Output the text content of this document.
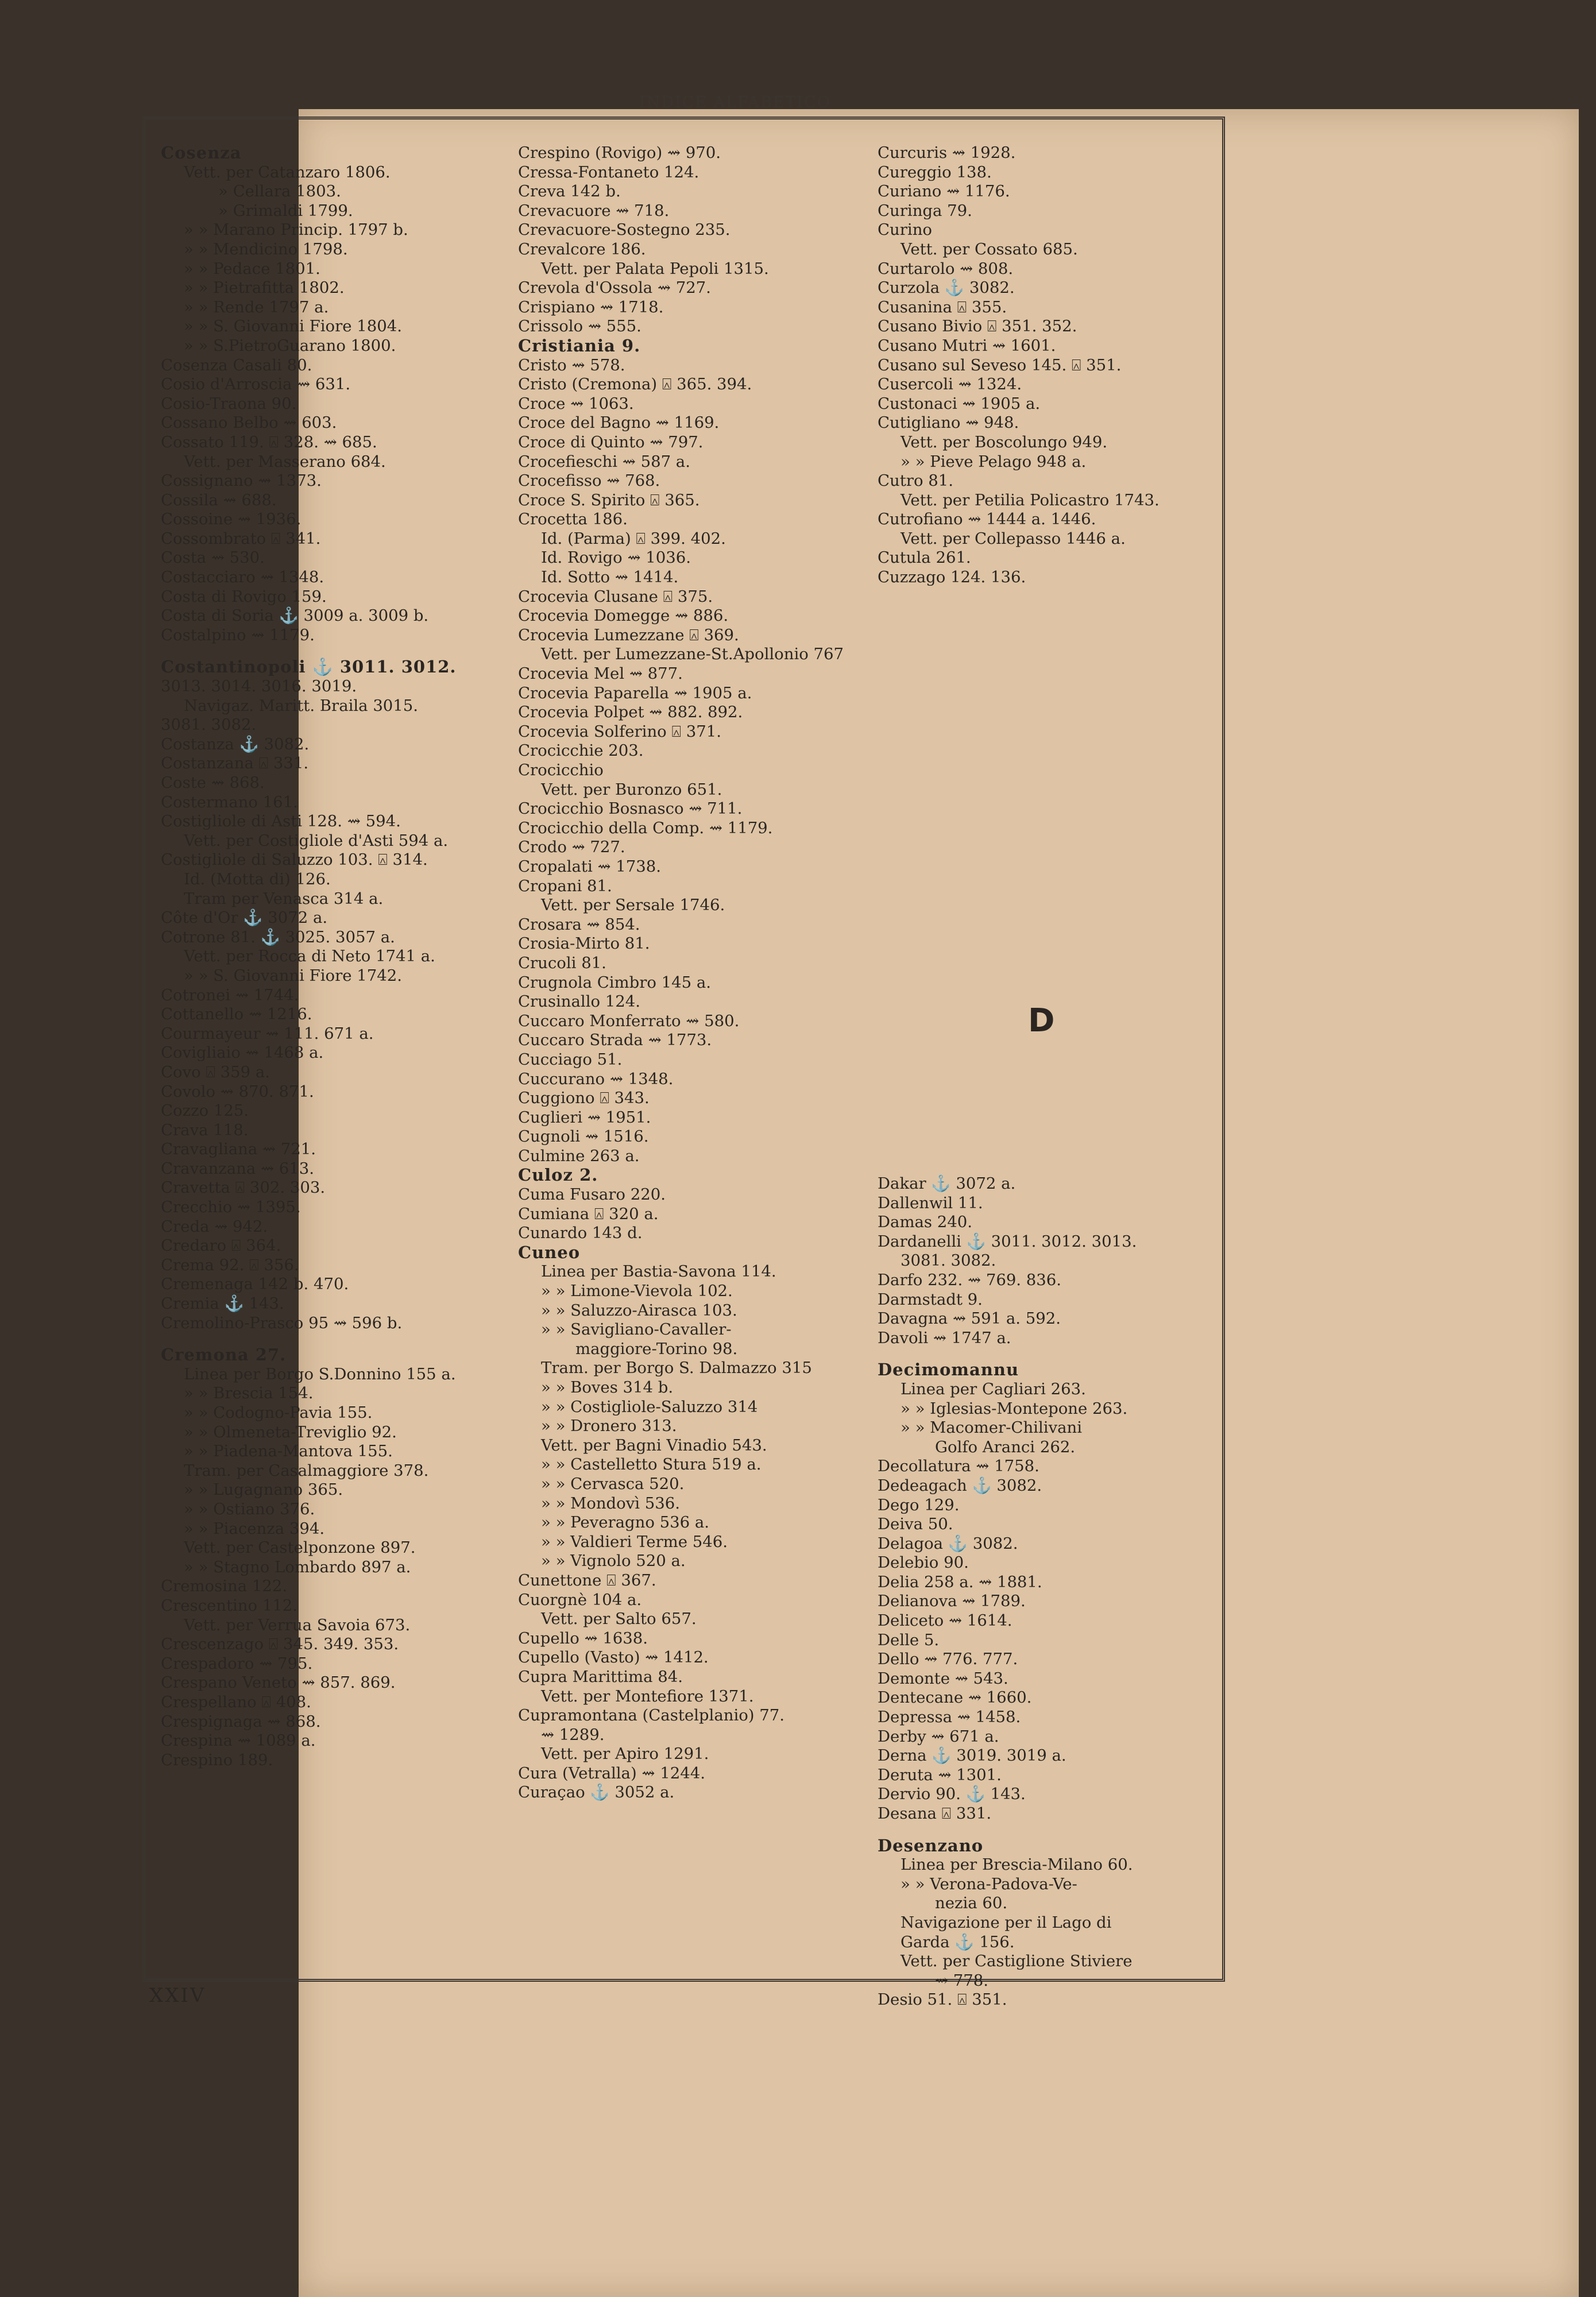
INDICE ALFABETICO
Cosenza
Vett. per Catanzaro 1806.
» Cellara 1803.
» Grimaldi 1799.
» » Marano Princip. 1797 b.
» » Mendicino 1798.
» » Pedace 1801.
» » Pietrafitta 1802.
» » Rende 1797 a.
» » S. Giovanni Fiore 1804.
» » S.PietroGuarano 1800.
Cosenza Casali 80.
Cosio d'Arroscia ⇝ 631.
Cosio-Traona 90.
Cossano Belbo ⇝ 603.
Cossato 119. ⍓ 328. ⇝ 685.
Vett. per Masserano 684.
Cossignano ⇝ 1373.
Cossila ⇝ 688.
Cossoine ⇝ 1936.
Cossombrato ⍓ 341.
Costa ⇝ 530.
Costacciaro ⇝ 1348.
Costa di Rovigo 159.
Costa di Soria ⚓ 3009 a. 3009 b.
Costalpino ⇝ 1179.
Costantinopoli ⚓ 3011. 3012.
3013. 3014. 3016. 3019.
Navigaz. Maritt. Braila 3015.
3081. 3082.
Costanza ⚓ 3082.
Costanzana ⍓ 331.
Coste ⇝ 868.
Costermano 161.
Costigliole di Asti 128. ⇝ 594.
Vett. per Costigliole d'Asti 594 a.
Costigliole di Saluzzo 103. ⍓ 314.
Id. (Motta di) 126.
Tram per Venasca 314 a.
Côte d'Or ⚓ 3072 a.
Cotrone 81. ⚓ 3025. 3057 a.
Vett. per Rocca di Neto 1741 a.
» » S. Giovanni Fiore 1742.
Cotronei ⇝ 1744.
Cottanello ⇝ 1216.
Courmayeur ⇝ 111. 671 a.
Covigliaio ⇝ 1468 a.
Covo ⍓ 359 a.
Covolo ⇝ 870. 871.
Cozzo 125.
Crava 118.
Cravagliana ⇝ 721.
Cravanzana ⇝ 613.
Cravetta ⍓ 302. 303.
Crecchio ⇝ 1395.
Creda ⇝ 942.
Credaro ⍓ 364.
Crema 92. ⍓ 356.
Cremenaga 142 b. 470.
Cremia ⚓ 143.
Cremolino-Prasco 95 ⇝ 596 b.
Cremona 27.
Linea per Borgo S.Donnino 155 a.
» » Brescia 154.
» » Codogno-Pavia 155.
» » Olmeneta-Treviglio 92.
» » Piadena-Mantova 155.
Tram. per Casalmaggiore 378.
» » Lugagnano 365.
» » Ostiano 376.
» » Piacenza 394.
Vett. per Castelponzone 897.
» » Stagno Lombardo 897 a.
Cremosina 122.
Crescentino 112.
Vett. per Verrua Savoia 673.
Crescenzago ⍓ 345. 349. 353.
Crespadoro ⇝ 795.
Crespano Veneto ⇝ 857. 869.
Crespellano ⍓ 408.
Crespignaga ⇝ 868.
Crespina ⇝ 1089 a.
Crespino 189.
Crespino (Rovigo) ⇝ 970.
Cressa-Fontaneto 124.
Creva 142 b.
Crevacuore ⇝ 718.
Crevacuore-Sostegno 235.
Crevalcore 186.
Vett. per Palata Pepoli 1315.
Crevola d'Ossola ⇝ 727.
Crispiano ⇝ 1718.
Crissolo ⇝ 555.
Cristiania 9.
Cristo ⇝ 578.
Cristo (Cremona) ⍓ 365. 394.
Croce ⇝ 1063.
Croce del Bagno ⇝ 1169.
Croce di Quinto ⇝ 797.
Crocefieschi ⇝ 587 a.
Crocefisso ⇝ 768.
Croce S. Spirito ⍓ 365.
Crocetta 186.
Id. (Parma) ⍓ 399. 402.
Id. Rovigo ⇝ 1036.
Id. Sotto ⇝ 1414.
Crocevia Clusane ⍓ 375.
Crocevia Domegge ⇝ 886.
Crocevia Lumezzane ⍓ 369.
Vett. per Lumezzane-St.Apollonio 767
Crocevia Mel ⇝ 877.
Crocevia Paparella ⇝ 1905 a.
Crocevia Polpet ⇝ 882. 892.
Crocevia Solferino ⍓ 371.
Crocicchie 203.
Crocicchio
Vett. per Buronzo 651.
Crocicchio Bosnasco ⇝ 711.
Crocicchio della Comp. ⇝ 1179.
Crodo ⇝ 727.
Cropalati ⇝ 1738.
Cropani 81.
Vett. per Sersale 1746.
Crosara ⇝ 854.
Crosia-Mirto 81.
Crucoli 81.
Crugnola Cimbro 145 a.
Crusinallo 124.
Cuccaro Monferrato ⇝ 580.
Cuccaro Strada ⇝ 1773.
Cucciago 51.
Cuccurano ⇝ 1348.
Cuggiono ⍓ 343.
Cuglieri ⇝ 1951.
Cugnoli ⇝ 1516.
Culmine 263 a.
Culoz 2.
Cuma Fusaro 220.
Cumiana ⍓ 320 a.
Cunardo 143 d.
Cuneo
Linea per Bastia-Savona 114.
» » Limone-Vievola 102.
» » Saluzzo-Airasca 103.
» » Savigliano-Cavaller-
maggiore-Torino 98.
Tram. per Borgo S. Dalmazzo 315
» » Boves 314 b.
» » Costigliole-Saluzzo 314
» » Dronero 313.
Vett. per Bagni Vinadio 543.
» » Castelletto Stura 519 a.
» » Cervasca 520.
» » Mondovì 536.
» » Peveragno 536 a.
» » Valdieri Terme 546.
» » Vignolo 520 a.
Cunettone ⍓ 367.
Cuorgnè 104 a.
Vett. per Salto 657.
Cupello ⇝ 1638.
Cupello (Vasto) ⇝ 1412.
Cupra Marittima 84.
Vett. per Montefiore 1371.
Cupramontana (Castelplanio) 77.
⇝ 1289.
Vett. per Apiro 1291.
Cura (Vetralla) ⇝ 1244.
Curaçao ⚓ 3052 a.
Curcuris ⇝ 1928.
Cureggio 138.
Curiano ⇝ 1176.
Curinga 79.
Curino
Vett. per Cossato 685.
Curtarolo ⇝ 808.
Curzola ⚓ 3082.
Cusanina ⍓ 355.
Cusano Bivio ⍓ 351. 352.
Cusano Mutri ⇝ 1601.
Cusano sul Seveso 145. ⍓ 351.
Cusercoli ⇝ 1324.
Custonaci ⇝ 1905 a.
Cutigliano ⇝ 948.
Vett. per Boscolungo 949.
» » Pieve Pelago 948 a.
Cutro 81.
Vett. per Petilia Policastro 1743.
Cutrofiano ⇝ 1444 a. 1446.
Vett. per Collepasso 1446 a.
Cutula 261.
Cuzzago 124. 136.
Dakar ⚓ 3072 a.
Dallenwil 11.
Damas 240.
Dardanelli ⚓ 3011. 3012. 3013.
3081. 3082.
Darfo 232. ⇝ 769. 836.
Darmstadt 9.
Davagna ⇝ 591 a. 592.
Davoli ⇝ 1747 a.
Decimomannu
Linea per Cagliari 263.
» » Iglesias-Montepone 263.
» » Macomer-Chilivani
Golfo Aranci 262.
Decollatura ⇝ 1758.
Dedeagach ⚓ 3082.
Dego 129.
Deiva 50.
Delagoa ⚓ 3082.
Delebio 90.
Delia 258 a. ⇝ 1881.
Delianova ⇝ 1789.
Deliceto ⇝ 1614.
Delle 5.
Dello ⇝ 776. 777.
Demonte ⇝ 543.
Dentecane ⇝ 1660.
Depressa ⇝ 1458.
Derby ⇝ 671 a.
Derna ⚓ 3019. 3019 a.
Deruta ⇝ 1301.
Dervio 90. ⚓ 143.
Desana ⍓ 331.
Desenzano
Linea per Brescia-Milano 60.
» » Verona-Padova-Ve-
nezia 60.
Navigazione per il Lago di
Garda ⚓ 156.
Vett. per Castiglione Stiviere
⇝ 778.
Desio 51. ⍓ 351.
D
XXIV
